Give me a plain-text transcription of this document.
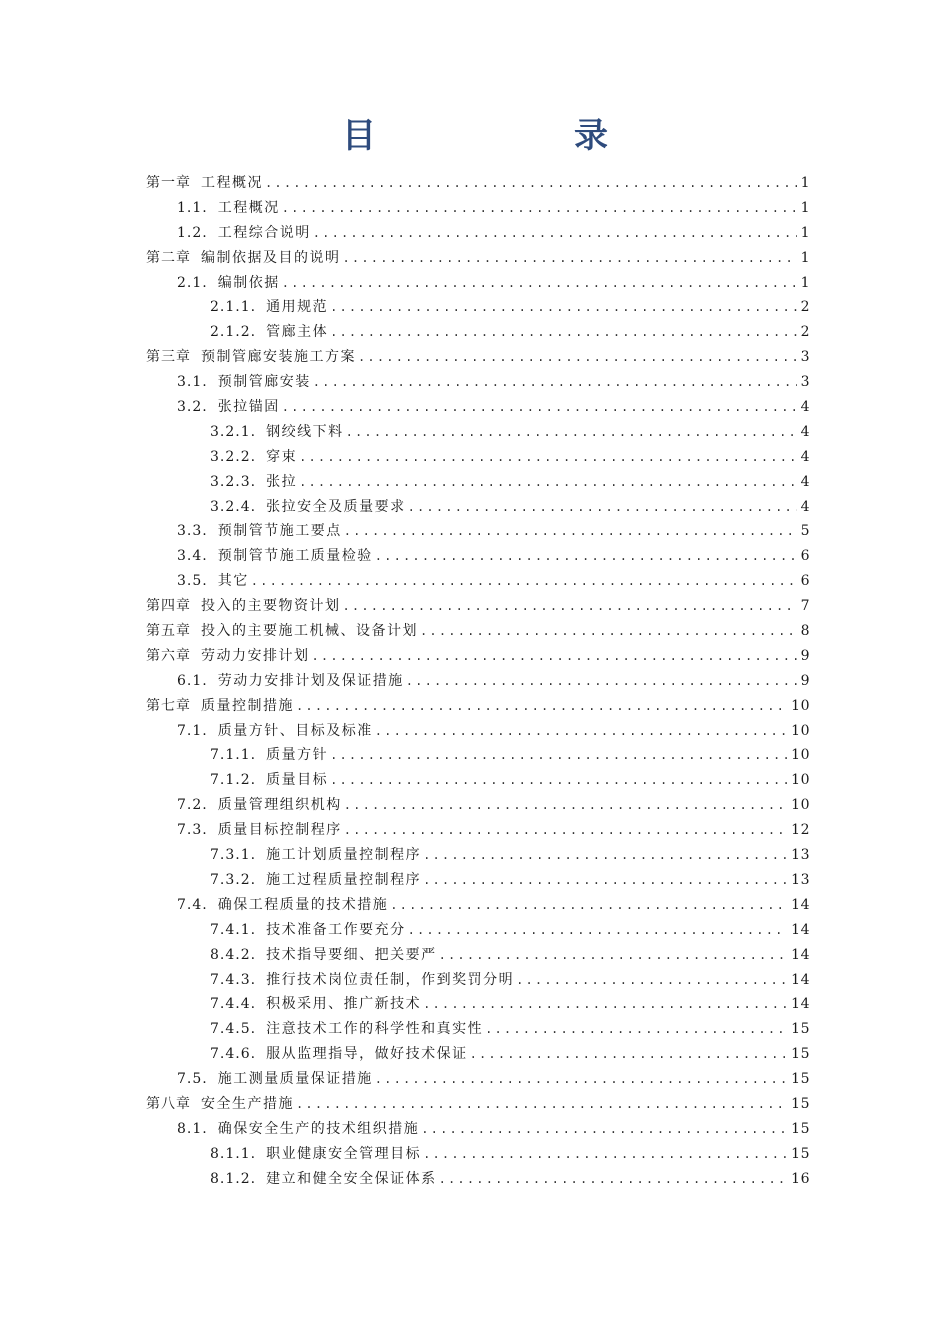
目　录
第一章 工程概况 .....	1
1.1. 工程概况 .....	1
1.2. 工程综合说明 .....	1
第二章 编制依据及目的说明 .....	1
2.1. 编制依据 .....	1
2.1.1. 通用规范 .....	2
2.1.2. 管廊主体 .....	2
第三章 预制管廊安装施工方案 .....	3
3.1. 预制管廊安装 .....	3
3.2. 张拉锚固 .....	4
3.2.1. 钢绞线下料 .....	4
3.2.2. 穿束 .....	4
3.2.3. 张拉 .....	4
3.2.4. 张拉安全及质量要求 .....	4
3.3. 预制管节施工要点 .....	5
3.4. 预制管节施工质量检验 .....	6
3.5. 其它 .....	6
第四章 投入的主要物资计划 .....	7
第五章 投入的主要施工机械、设备计划 .....	8
第六章 劳动力安排计划 .....	9
6.1. 劳动力安排计划及保证措施 .....	9
第七章 质量控制措施 .....	10
7.1. 质量方针、目标及标准 .....	10
7.1.1. 质量方针 .....	10
7.1.2. 质量目标 .....	10
7.2. 质量管理组织机构 .....	10
7.3. 质量目标控制程序 .....	12
7.3.1. 施工计划质量控制程序 .....	13
7.3.2. 施工过程质量控制程序 .....	13
7.4. 确保工程质量的技术措施 .....	14
7.4.1. 技术准备工作要充分 .....	14
8.4.2. 技术指导要细、把关要严 .....	14
7.4.3. 推行技术岗位责任制，作到奖罚分明 .....	14
7.4.4. 积极采用、推广新技术 .....	14
7.4.5. 注意技术工作的科学性和真实性 .....	15
7.4.6. 服从监理指导，做好技术保证 .....	15
7.5. 施工测量质量保证措施 .....	15
第八章 安全生产措施 .....	15
8.1. 确保安全生产的技术组织措施 .....	15
8.1.1. 职业健康安全管理目标 .....	15
8.1.2. 建立和健全安全保证体系 .....	16
